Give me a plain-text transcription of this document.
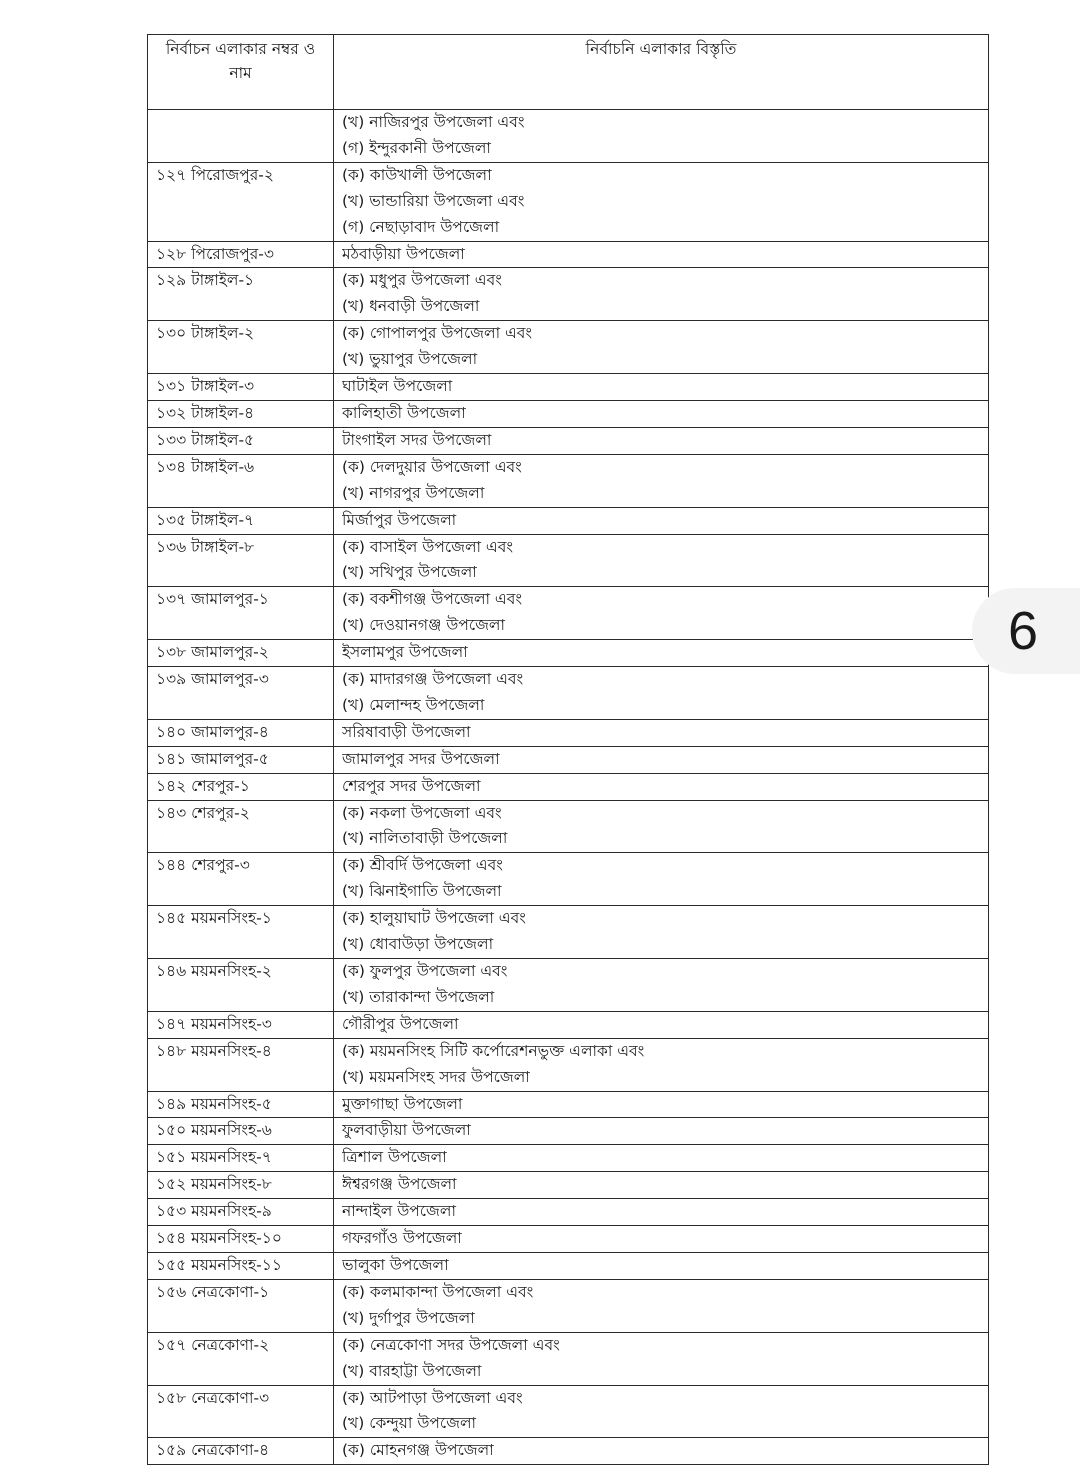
নির্বাচন এলাকার নম্বর ও নাম	নির্বাচনি এলাকার বিস্তৃতি

	(খ) নাজিরপুর উপজেলা এবং
(গ) ইন্দুরকানী উপজেলা

১২৭ পিরোজপুর-২	(ক) কাউখালী উপজেলা
(খ) ভান্ডারিয়া উপজেলা এবং
(গ) নেছাড়াবাদ উপজেলা

১২৮ পিরোজপুর-৩	মঠবাড়ীয়া উপজেলা

১২৯ টাঙ্গাইল-১	(ক) মধুপুর উপজেলা এবং
(খ) ধনবাড়ী উপজেলা

১৩০ টাঙ্গাইল-২	(ক) গোপালপুর উপজেলা এবং
(খ) ভুয়াপুর উপজেলা

১৩১ টাঙ্গাইল-৩	ঘাটাইল উপজেলা

১৩২ টাঙ্গাইল-৪	কালিহাতী উপজেলা

১৩৩ টাঙ্গাইল-৫	টাংগাইল সদর উপজেলা

১৩৪ টাঙ্গাইল-৬	(ক) দেলদুয়ার উপজেলা এবং
(খ) নাগরপুর উপজেলা

১৩৫ টাঙ্গাইল-৭	মির্জাপুর উপজেলা

১৩৬ টাঙ্গাইল-৮	(ক) বাসাইল উপজেলা এবং
(খ) সখিপুর উপজেলা

১৩৭ জামালপুর-১	(ক) বকশীগঞ্জ উপজেলা এবং
(খ) দেওয়ানগঞ্জ উপজেলা

১৩৮ জামালপুর-২	ইসলামপুর উপজেলা

১৩৯ জামালপুর-৩	(ক) মাদারগঞ্জ উপজেলা এবং
(খ) মেলান্দহ উপজেলা

১৪০ জামালপুর-৪	সরিষাবাড়ী উপজেলা

১৪১ জামালপুর-৫	জামালপুর সদর উপজেলা

১৪২ শেরপুর-১	শেরপুর সদর উপজেলা

১৪৩ শেরপুর-২	(ক) নকলা উপজেলা এবং
(খ) নালিতাবাড়ী উপজেলা

১৪৪ শেরপুর-৩	(ক) শ্রীবর্দি উপজেলা এবং
(খ) ঝিনাইগাতি উপজেলা

১৪৫ ময়মনসিংহ-১	(ক) হালুয়াঘাট উপজেলা এবং
(খ) ধোবাউড়া উপজেলা

১৪৬ ময়মনসিংহ-২	(ক) ফুলপুর উপজেলা এবং
(খ) তারাকান্দা উপজেলা

১৪৭ ময়মনসিংহ-৩	গৌরীপুর উপজেলা

১৪৮ ময়মনসিংহ-৪	(ক) ময়মনসিংহ সিটি কর্পোরেশনভুক্ত এলাকা এবং
(খ) ময়মনসিংহ সদর উপজেলা

১৪৯ ময়মনসিংহ-৫	মুক্তাগাছা উপজেলা

১৫০ ময়মনসিংহ-৬	ফুলবাড়ীয়া উপজেলা

১৫১ ময়মনসিংহ-৭	ত্রিশাল উপজেলা

১৫২ ময়মনসিংহ-৮	ঈশ্বরগঞ্জ উপজেলা

১৫৩ ময়মনসিংহ-৯	নান্দাইল উপজেলা

১৫৪ ময়মনসিংহ-১০	গফরগাঁও উপজেলা

১৫৫ ময়মনসিংহ-১১	ভালুকা উপজেলা

১৫৬ নেত্রকোণা-১	(ক) কলমাকান্দা উপজেলা এবং
(খ) দুর্গাপুর উপজেলা

১৫৭ নেত্রকোণা-২	(ক) নেত্রকোণা সদর উপজেলা এবং
(খ) বারহাট্টা উপজেলা

১৫৮ নেত্রকোণা-৩	(ক) আটপাড়া উপজেলা এবং
(খ) কেন্দুয়া উপজেলা

১৫৯ নেত্রকোণা-৪	(ক) মোহনগঞ্জ উপজেলা
6
